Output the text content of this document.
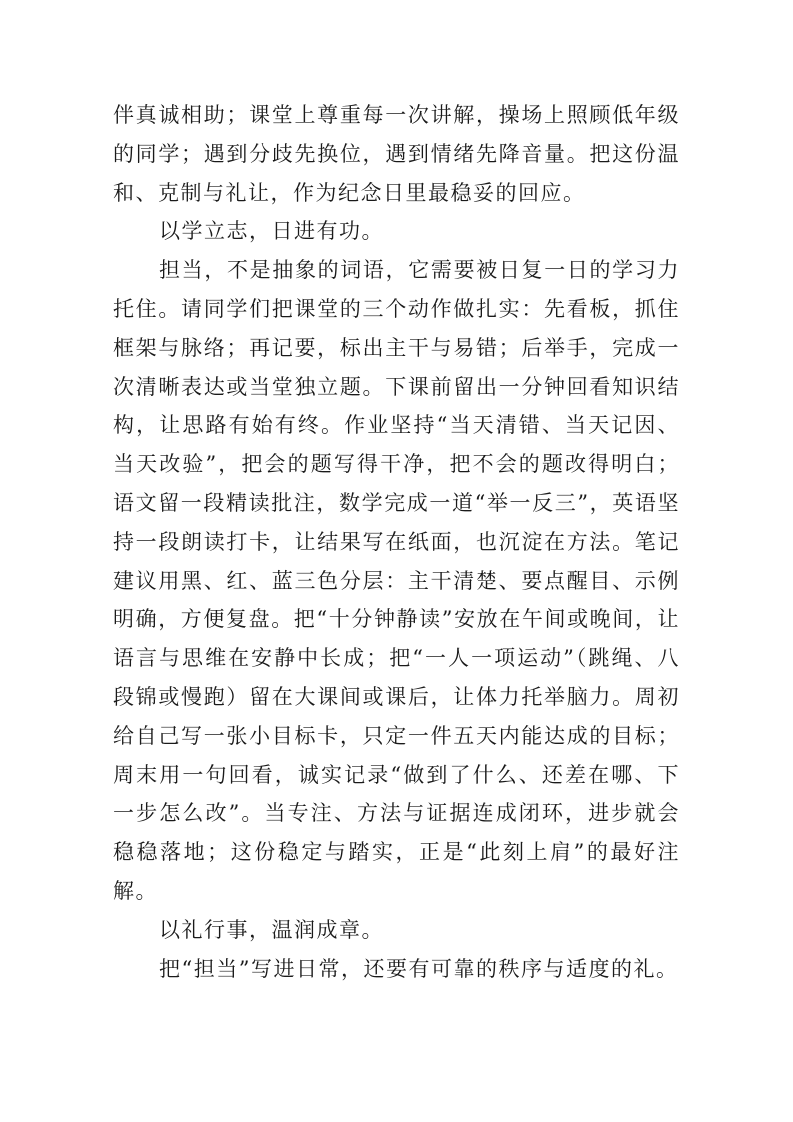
伴真诚相助；课堂上尊重每一次讲解，操场上照顾低年级的同学；遇到分歧先换位，遇到情绪先降音量。把这份温和、克制与礼让，作为纪念日里最稳妥的回应。

以学立志，日进有功。

担当，不是抽象的词语，它需要被日复一日的学习力托住。请同学们把课堂的三个动作做扎实：先看板，抓住框架与脉络；再记要，标出主干与易错；后举手，完成一次清晰表达或当堂独立题。下课前留出一分钟回看知识结构，让思路有始有终。作业坚持“当天清错、当天记因、当天改验”，把会的题写得干净，把不会的题改得明白；语文留一段精读批注，数学完成一道“举一反三”，英语坚持一段朗读打卡，让结果写在纸面，也沉淀在方法。笔记建议用黑、红、蓝三色分层：主干清楚、要点醒目、示例明确，方便复盘。把“十分钟静读”安放在午间或晚间，让语言与思维在安静中长成；把“一人一项运动”（跳绳、八段锦或慢跑）留在大课间或课后，让体力托举脑力。周初给自己写一张小目标卡，只定一件五天内能达成的目标；周末用一句回看，诚实记录“做到了什么、还差在哪、下一步怎么改”。当专注、方法与证据连成闭环，进步就会稳稳落地；这份稳定与踏实，正是“此刻上肩”的最好注解。

以礼行事，温润成章。

把“担当”写进日常，还要有可靠的秩序与适度的礼。
